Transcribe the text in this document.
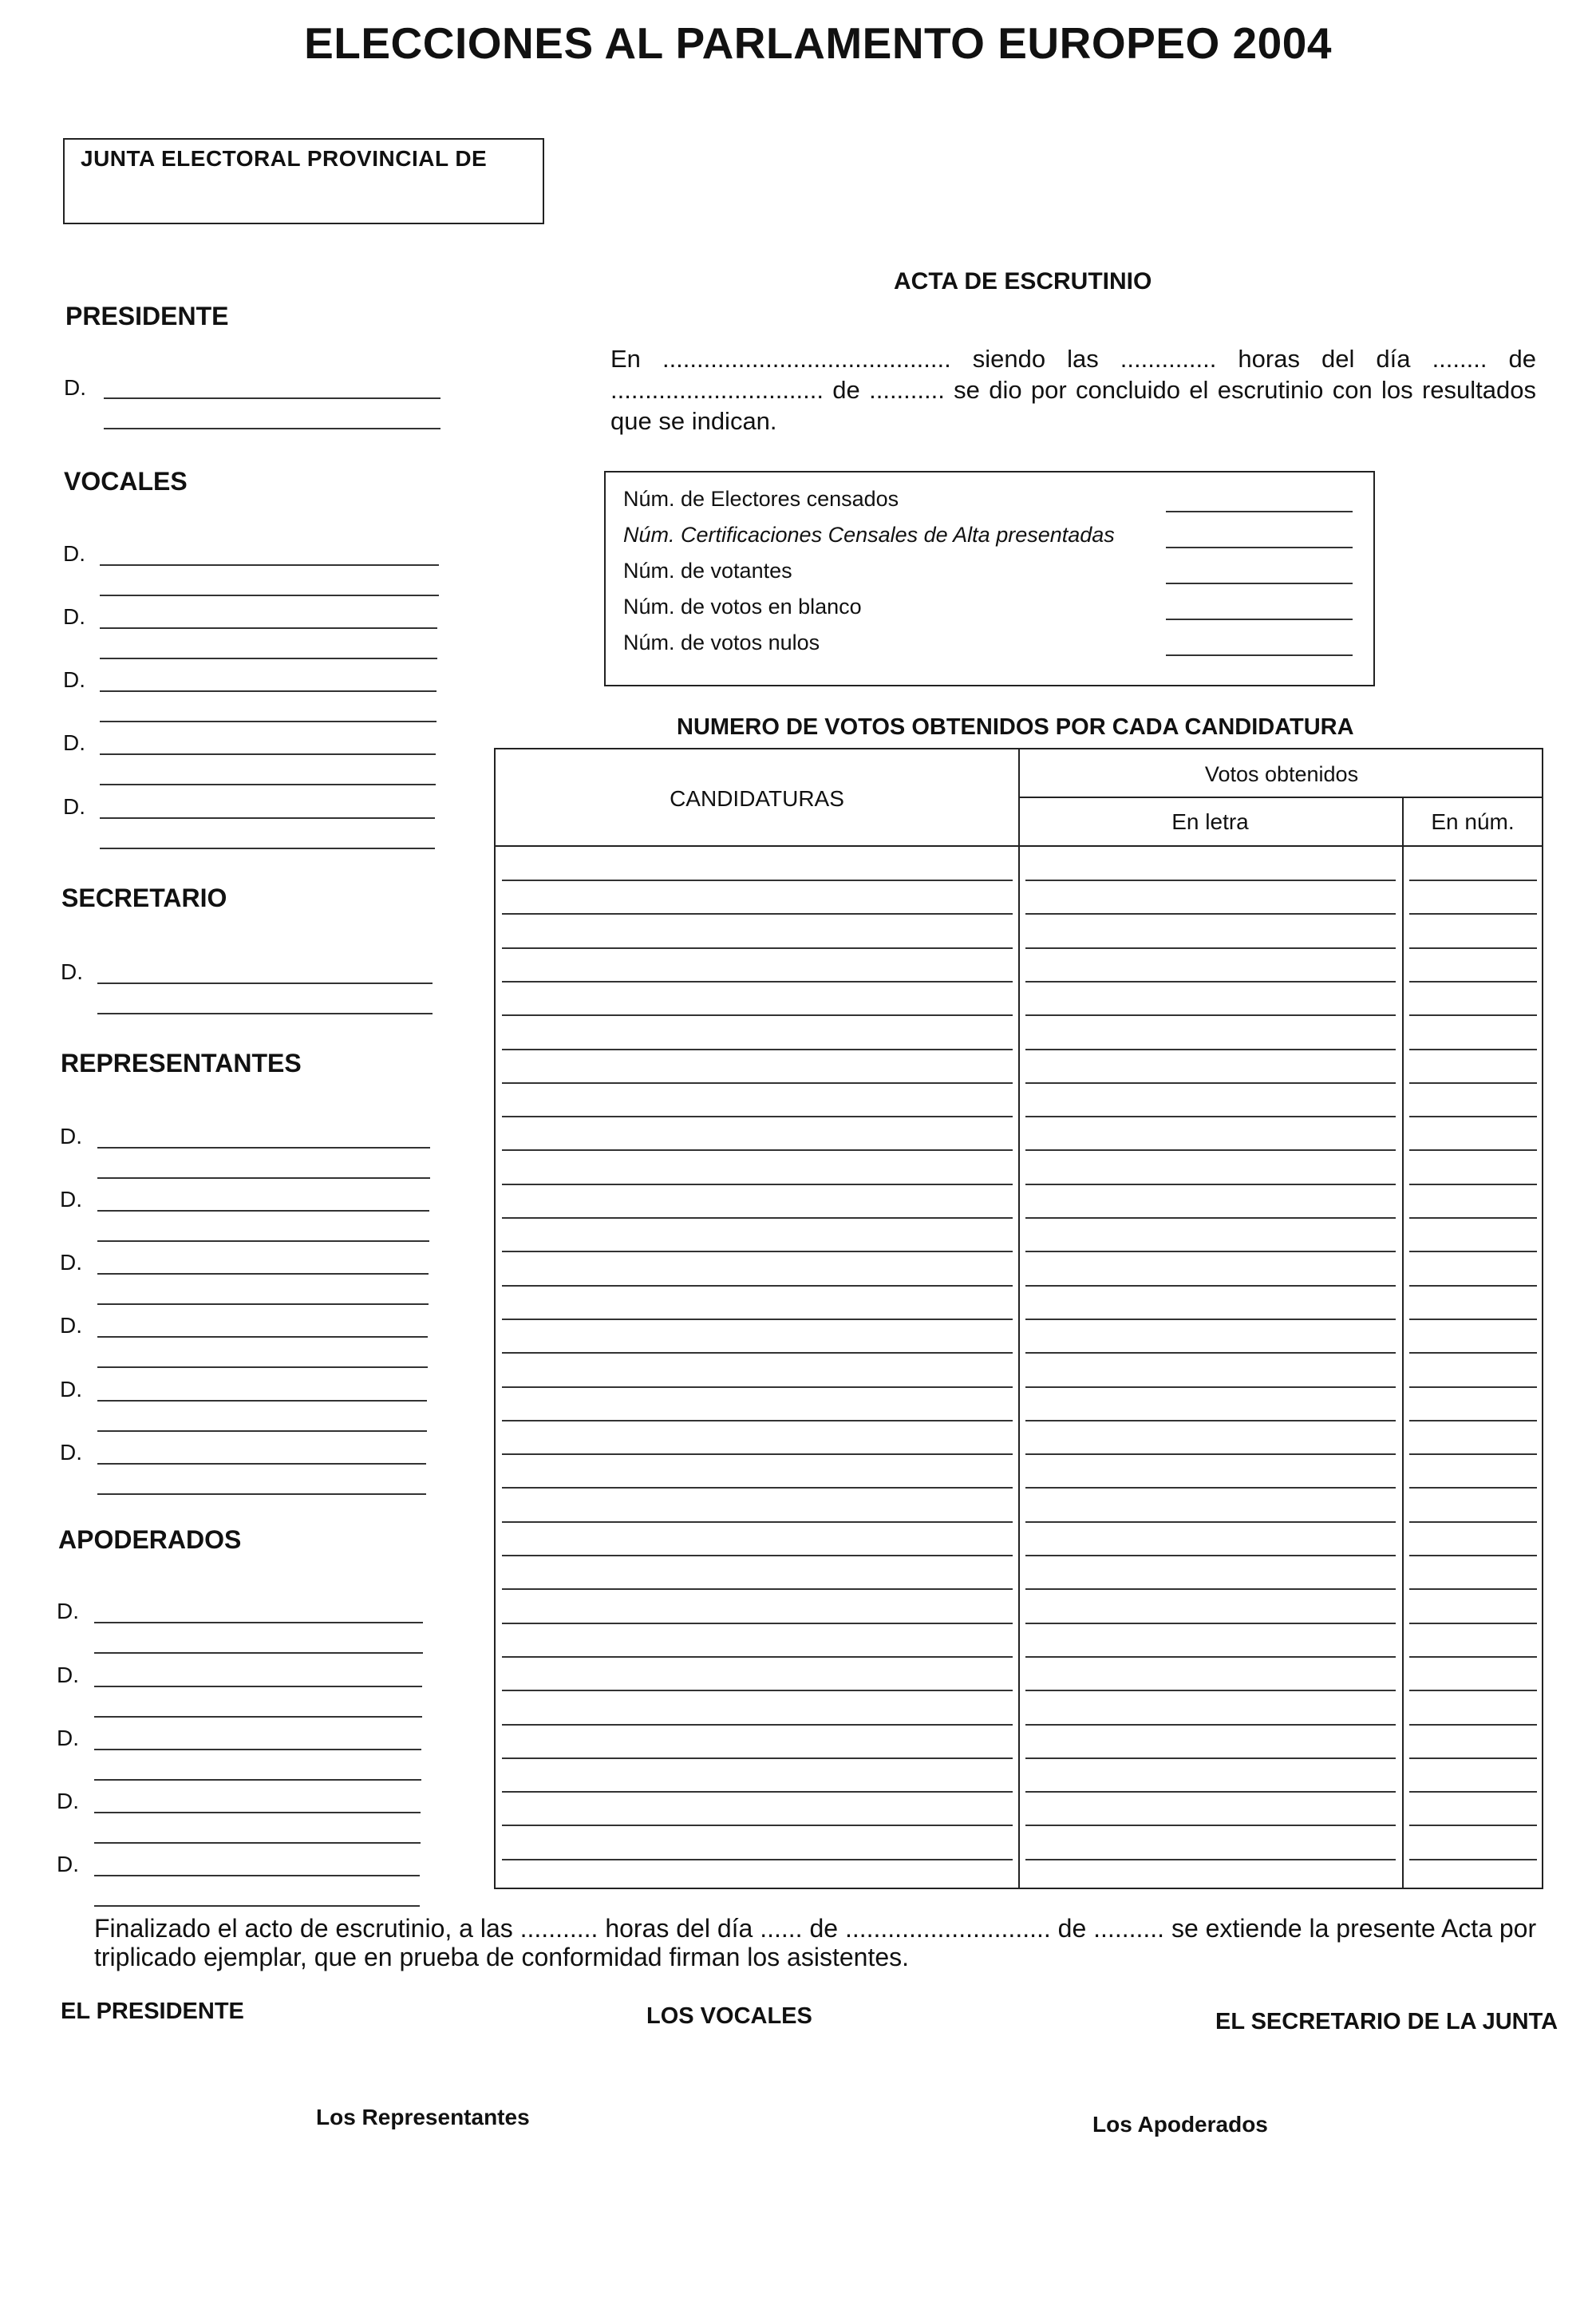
ELECCIONES AL PARLAMENTO EUROPEO 2004
JUNTA ELECTORAL PROVINCIAL DE
PRESIDENTE
VOCALES
SECRETARIO
REPRESENTANTES
APODERADOS
D.
D.
D.
D.
D.
D.
D.
D.
D.
D.
D.
D.
D.
D.
D.
D.
D.
D.
ACTA DE ESCRUTINIO
En .......................................... siendo las .............. horas del día ........ de ............................... de ........... se dio por concluido el escrutinio con los resultados que se indican.
Núm. de Electores censados
Núm. Certificaciones Censales de Alta presentadas
Núm. de votantes
Núm. de votos en blanco
Núm. de votos nulos
NUMERO DE VOTOS OBTENIDOS POR CADA CANDIDATURA
CANDIDATURAS
Votos obtenidos
En letra	En núm.
Finalizado el acto de escrutinio, a las ........... horas del día ...... de ............................. de .......... se extiende la presente Acta por triplicado ejemplar, que en prueba de conformidad firman los asistentes.
EL PRESIDENTE	LOS VOCALES	EL SECRETARIO DE LA JUNTA
Los Representantes	Los Apoderados
